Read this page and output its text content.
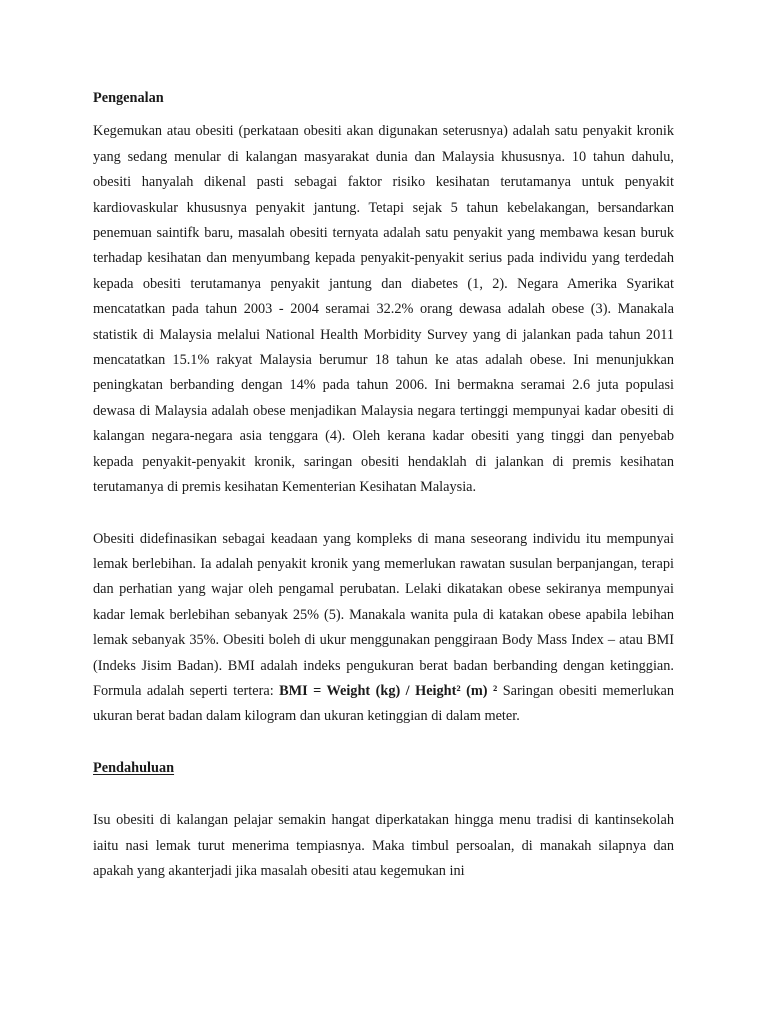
Pengenalan

Kegemukan atau obesiti (perkataan obesiti akan digunakan seterusnya) adalah satu penyakit kronik yang sedang menular di kalangan masyarakat dunia dan Malaysia khususnya. 10 tahun dahulu, obesiti hanyalah dikenal pasti sebagai faktor risiko kesihatan terutamanya untuk penyakit kardiovaskular khususnya penyakit jantung. Tetapi sejak 5 tahun kebelakangan, bersandarkan penemuan saintifk baru, masalah obesiti ternyata adalah satu penyakit yang membawa kesan buruk terhadap kesihatan dan menyumbang kepada penyakit-penyakit serius pada individu yang terdedah kepada obesiti terutamanya penyakit jantung dan diabetes (1, 2). Negara Amerika Syarikat mencatatkan pada tahun 2003 - 2004 seramai 32.2% orang dewasa adalah obese (3). Manakala statistik di Malaysia melalui National Health Morbidity Survey yang di jalankan pada tahun 2011 mencatatkan 15.1% rakyat Malaysia berumur 18 tahun ke atas adalah obese. Ini menunjukkan peningkatan berbanding dengan 14% pada tahun 2006. Ini bermakna seramai 2.6 juta populasi dewasa di Malaysia adalah obese menjadikan Malaysia negara tertinggi mempunyai kadar obesiti di kalangan negara-negara asia tenggara (4). Oleh kerana kadar obesiti yang tinggi dan penyebab kepada penyakit-penyakit kronik, saringan obesiti hendaklah di jalankan di premis kesihatan terutamanya di premis kesihatan Kementerian Kesihatan Malaysia.

Obesiti didefinasikan sebagai keadaan yang kompleks di mana seseorang individu itu mempunyai lemak berlebihan. Ia adalah penyakit kronik yang memerlukan rawatan susulan berpanjangan, terapi dan perhatian yang wajar oleh pengamal perubatan. Lelaki dikatakan obese sekiranya mempunyai kadar lemak berlebihan sebanyak 25% (5). Manakala wanita pula di katakan obese apabila lebihan lemak sebanyak 35%. Obesiti boleh di ukur menggunakan penggiraan Body Mass Index – atau BMI (Indeks Jisim Badan). BMI adalah indeks pengukuran berat badan berbanding dengan ketinggian. Formula adalah seperti tertera: BMI = Weight (kg) / Height² (m) ² Saringan obesiti memerlukan ukuran berat badan dalam kilogram dan ukuran ketinggian di dalam meter.

Pendahuluan

Isu obesiti di kalangan pelajar semakin hangat diperkatakan hingga menu tradisi di kantinsekolah iaitu nasi lemak turut menerima tempiasnya. Maka timbul persoalan, di manakah silapnya dan apakah yang akanterjadi jika masalah obesiti atau kegemukan ini
